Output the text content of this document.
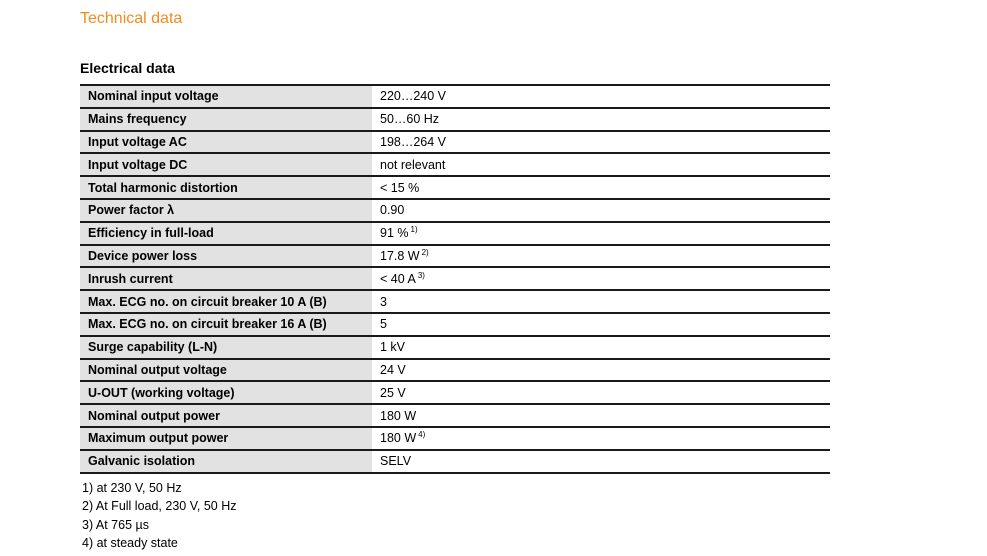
Technical data
Electrical data
Nominal input voltage	220…240 V
Mains frequency	50…60 Hz
Input voltage AC	198…264 V
Input voltage DC	not relevant
Total harmonic distortion	< 15 %
Power factor λ	0.90
Efficiency in full-load	91 % $^{1)}$
Device power loss	17.8 W $^{2)}$
Inrush current	< 40 A $^{3)}$
Max. ECG no. on circuit breaker 10 A (B)	3
Max. ECG no. on circuit breaker 16 A (B)	5
Surge capability (L-N)	1 kV
Nominal output voltage	24 V
U-OUT (working voltage)	25 V
Nominal output power	180 W
Maximum output power	180 W $^{4)}$
Galvanic isolation	SELV
1) at 230 V, 50 Hz
2) At Full load, 230 V, 50 Hz
3) At 765 µs
4) at steady state
